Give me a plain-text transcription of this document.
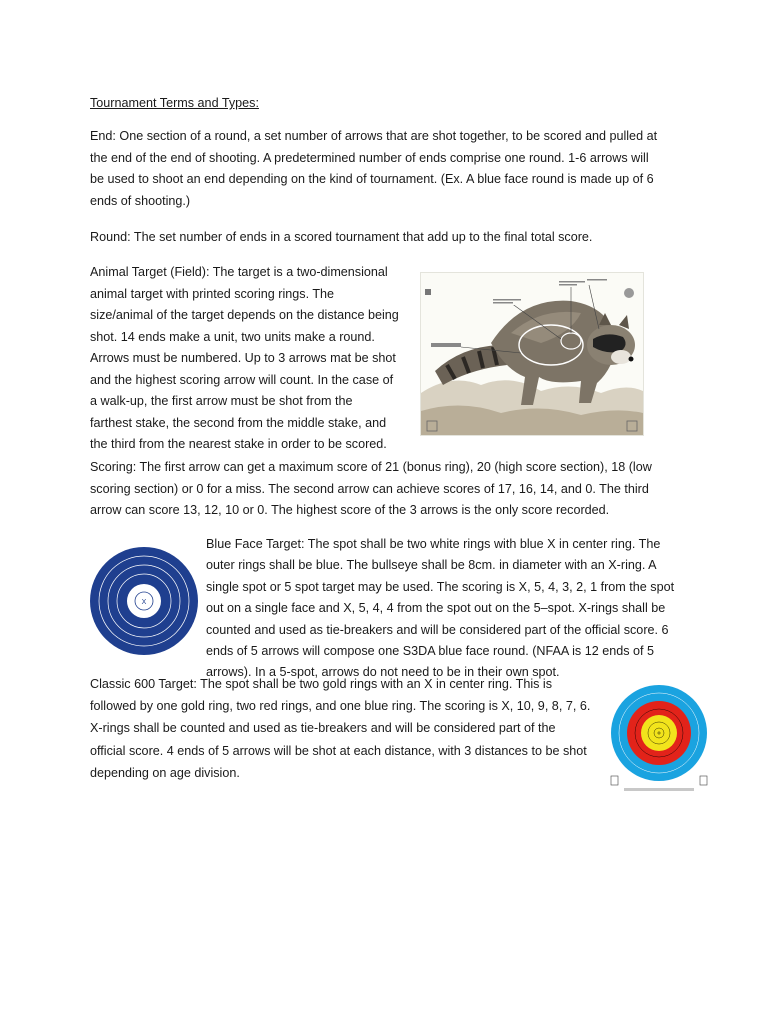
Tournament Terms and Types:
End: One section of a round, a set number of arrows that are shot together, to be scored and pulled at
the end of the end of shooting. A predetermined number of ends comprise one round. 1-6 arrows will
be used to shoot an end depending on the kind of tournament. (Ex. A blue face round is made up of 6
ends of shooting.)
Round: The set number of ends in a scored tournament that add up to the final total score.
Animal Target (Field): The target is a two-dimensional
animal target with printed scoring rings. The
size/animal of the target depends on the distance being
shot. 14 ends make a unit, two units make a round.
Arrows must be numbered. Up to 3 arrows mat be shot
and the highest scoring arrow will count. In the case of
a walk-up, the first arrow must be shot from the
farthest stake, the second from the middle stake, and
the third from the nearest stake in order to be scored.
Scoring: The first arrow can get a maximum score of 21 (bonus ring), 20 (high score section), 18 (low
scoring section) or 0 for a miss. The second arrow can achieve scores of 17, 16, 14, and 0. The third
arrow can score 13, 12, 10 or 0. The highest score of the 3 arrows is the only score recorded.
X
Blue Face Target: The spot shall be two white rings with blue X in center ring. The
outer rings shall be blue. The bullseye shall be 8cm. in diameter with an X-ring. A
single spot or 5 spot target may be used. The scoring is X, 5, 4, 3, 2, 1 from the spot
out on a single face and X, 5, 4, 4 from the spot out on the 5–spot. X-rings shall be
counted and used as tie-breakers and will be considered part of the official score. 6
ends of 5 arrows will compose one S3DA blue face round. (NFAA is 12 ends of 5
arrows). In a 5-spot, arrows do not need to be in their own spot.
Classic 600 Target: The spot shall be two gold rings with an X in center ring. This is
followed by one gold ring, two red rings, and one blue ring. The scoring is X, 10, 9, 8, 7, 6.
X-rings shall be counted and used as tie-breakers and will be considered part of the
official score. 4 ends of 5 arrows will be shot at each distance, with 3 distances to be shot
depending on age division.
